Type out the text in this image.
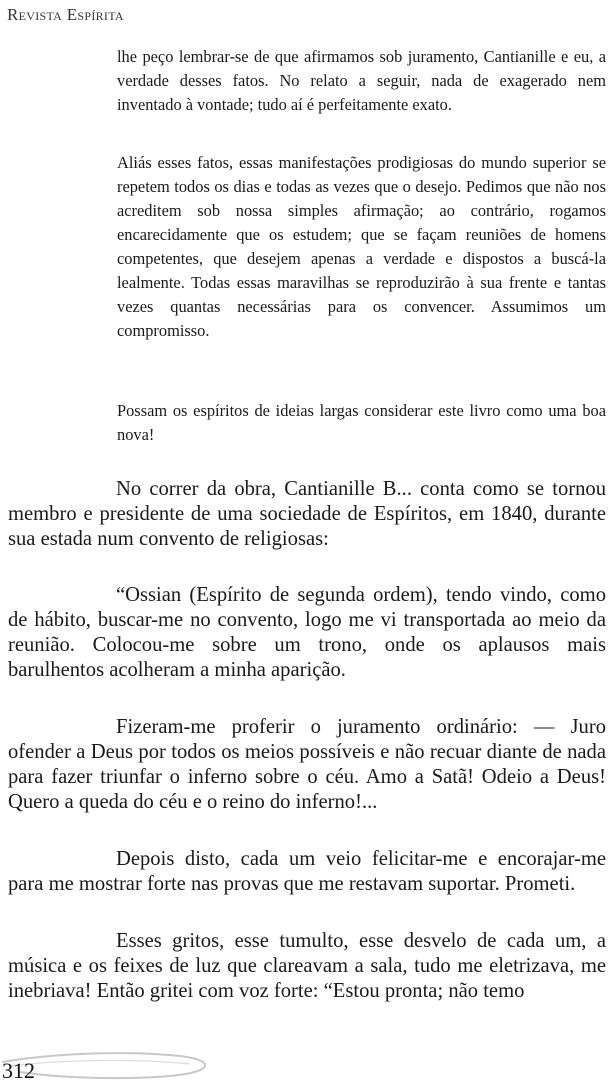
Revista Espírita

lhe peço lembrar-se de que afirmamos sob juramento, Cantianille e eu, a verdade desses fatos. No relato a seguir, nada de exagerado nem inventado à vontade; tudo aí é perfeitamente exato.

Aliás esses fatos, essas manifestações prodigiosas do mundo superior se repetem todos os dias e todas as vezes que o desejo. Pedimos que não nos acreditem sob nossa simples afirmação; ao contrário, rogamos encarecidamente que os estudem; que se façam reuniões de homens competentes, que desejem apenas a verdade e dispostos a buscá-la lealmente. Todas essas maravilhas se reproduzirão à sua frente e tantas vezes quantas necessárias para os convencer. Assumimos um compromisso.

Possam os espíritos de ideias largas considerar este livro como uma boa nova!

No correr da obra, Cantianille B... conta como se tornou membro e presidente de uma sociedade de Espíritos, em 1840, durante sua estada num convento de religiosas:

“Ossian (Espírito de segunda ordem), tendo vindo, como de hábito, buscar-me no convento, logo me vi transportada ao meio da reunião. Colocou-me sobre um trono, onde os aplausos mais barulhentos acolheram a minha aparição.

Fizeram-me proferir o juramento ordinário: — Juro ofender a Deus por todos os meios possíveis e não recuar diante de nada para fazer triunfar o inferno sobre o céu. Amo a Satã! Odeio a Deus! Quero a queda do céu e o reino do inferno!...

Depois disto, cada um veio felicitar-me e encorajar-me para me mostrar forte nas provas que me restavam suportar. Prometi.

Esses gritos, esse tumulto, esse desvelo de cada um, a música e os feixes de luz que clareavam a sala, tudo me eletrizava, me inebriava! Então gritei com voz forte: “Estou pronta; não temo

312
